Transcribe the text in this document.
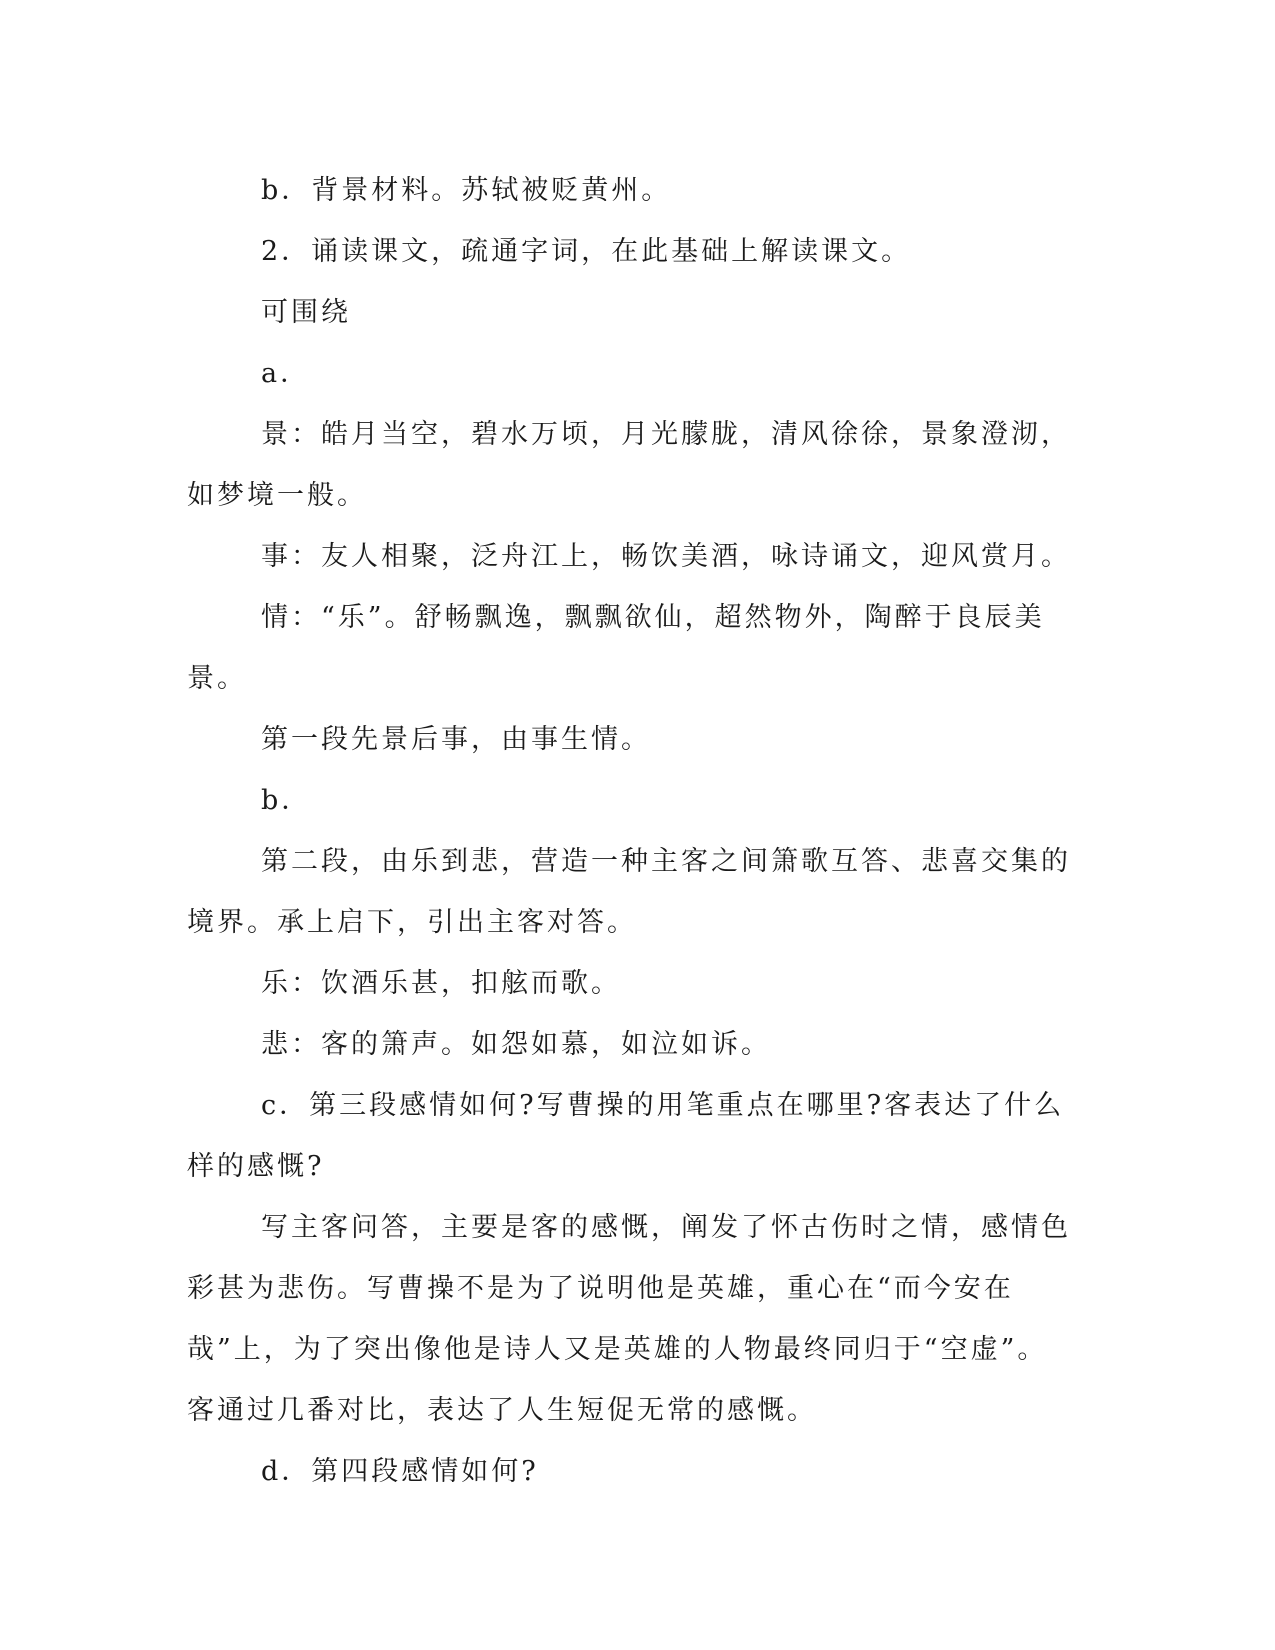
b．背景材料。苏轼被贬黄州。

2．诵读课文，疏通字词，在此基础上解读课文。

可围绕

a．

景：皓月当空，碧水万顷，月光朦胧，清风徐徐，景象澄沏，如梦境一般。

事：友人相聚，泛舟江上，畅饮美酒，咏诗诵文，迎风赏月。

情：“乐”。舒畅飘逸，飘飘欲仙，超然物外，陶醉于良辰美景。

第一段先景后事，由事生情。

b．

第二段，由乐到悲，营造一种主客之间箫歌互答、悲喜交集的境界。承上启下，引出主客对答。

乐：饮酒乐甚，扣舷而歌。

悲：客的箫声。如怨如慕，如泣如诉。

c．第三段感情如何?写曹操的用笔重点在哪里?客表达了什么样的感慨?

写主客问答，主要是客的感慨，阐发了怀古伤时之情，感情色彩甚为悲伤。写曹操不是为了说明他是英雄，重心在“而今安在哉”上，为了突出像他是诗人又是英雄的人物最终同归于“空虚”。客通过几番对比，表达了人生短促无常的感慨。

d．第四段感情如何?
